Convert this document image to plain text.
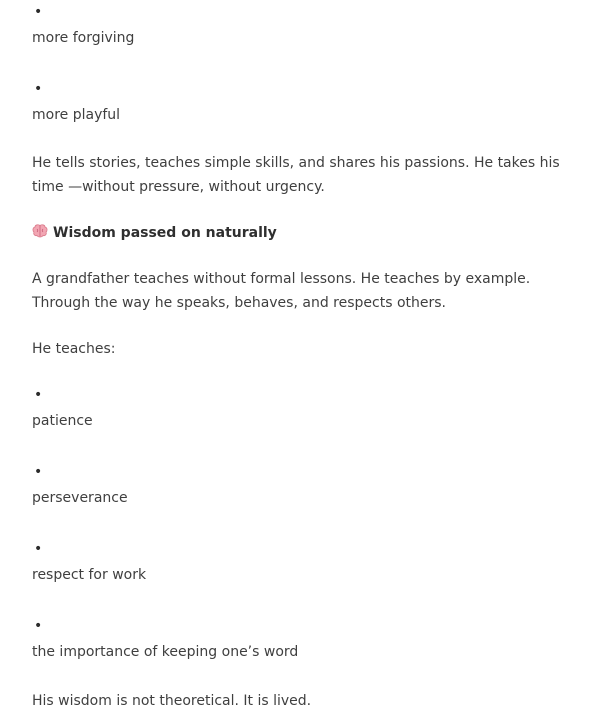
•
more forgiving
•
more playful

He tells stories, teaches simple skills, and shares his passions. He takes his time —without pressure, without urgency.

Wisdom passed on naturally

A grandfather teaches without formal lessons. He teaches by example. Through the way he speaks, behaves, and respects others.

He teaches:

•
patience
•
perseverance
•
respect for work
•
the importance of keeping one’s word

His wisdom is not theoretical. It is lived.
